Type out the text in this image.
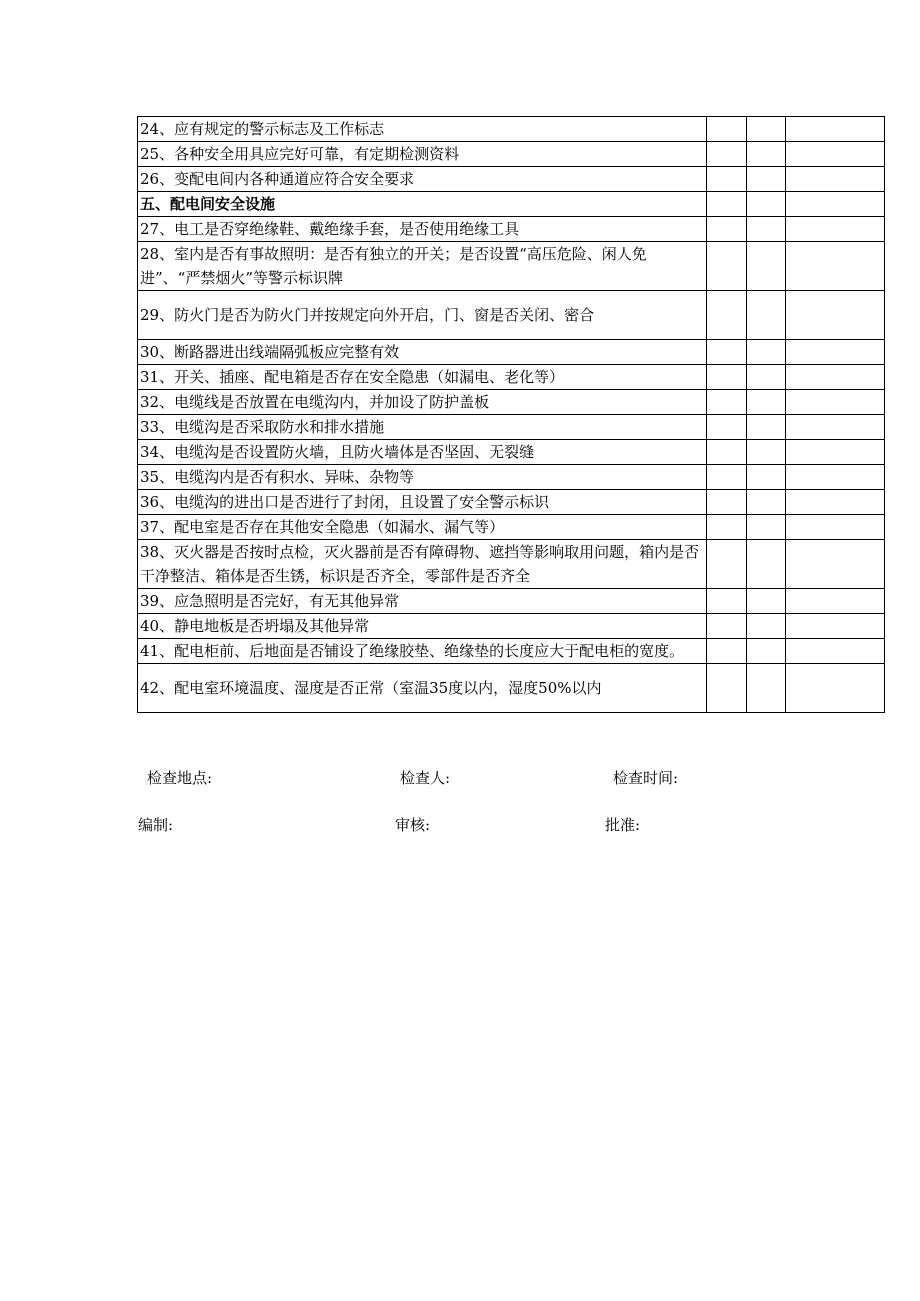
24、应有规定的警示标志及工作标志			
25、各种安全用具应完好可靠，有定期检测资料			
26、变配电间内各种通道应符合安全要求			
五、配电间安全设施			
27、电工是否穿绝缘鞋、戴绝缘手套，是否使用绝缘工具			
28、室内是否有事故照明：是否有独立的开关；是否设置“高压危险、闲人免进”、“严禁烟火”等警示标识牌			
29、防火门是否为防火门并按规定向外开启，门、窗是否关闭、密合			
30、断路器进出线端隔弧板应完整有效			
31、开关、插座、配电箱是否存在安全隐患（如漏电、老化等）			
32、电缆线是否放置在电缆沟内，并加设了防护盖板			
33、电缆沟是否采取防水和排水措施			
34、电缆沟是否设置防火墙，且防火墙体是否坚固、无裂缝			
35、电缆沟内是否有积水、异味、杂物等			
36、电缆沟的进出口是否进行了封闭，且设置了安全警示标识			
37、配电室是否存在其他安全隐患（如漏水、漏气等）			
38、灭火器是否按时点检，灭火器前是否有障碍物、遮挡等影响取用问题，箱内是否干净整洁、箱体是否生锈，标识是否齐全，零部件是否齐全			
39、应急照明是否完好，有无其他异常			
40、静电地板是否坍塌及其他异常			
41、配电柜前、后地面是否铺设了绝缘胶垫、绝缘垫的长度应大于配电柜的宽度。			
42、配电室环境温度、湿度是否正常（室温35度以内，湿度50%以内			
检查地点:	检查人:	检查时间:
编制:	审核:	批准:
